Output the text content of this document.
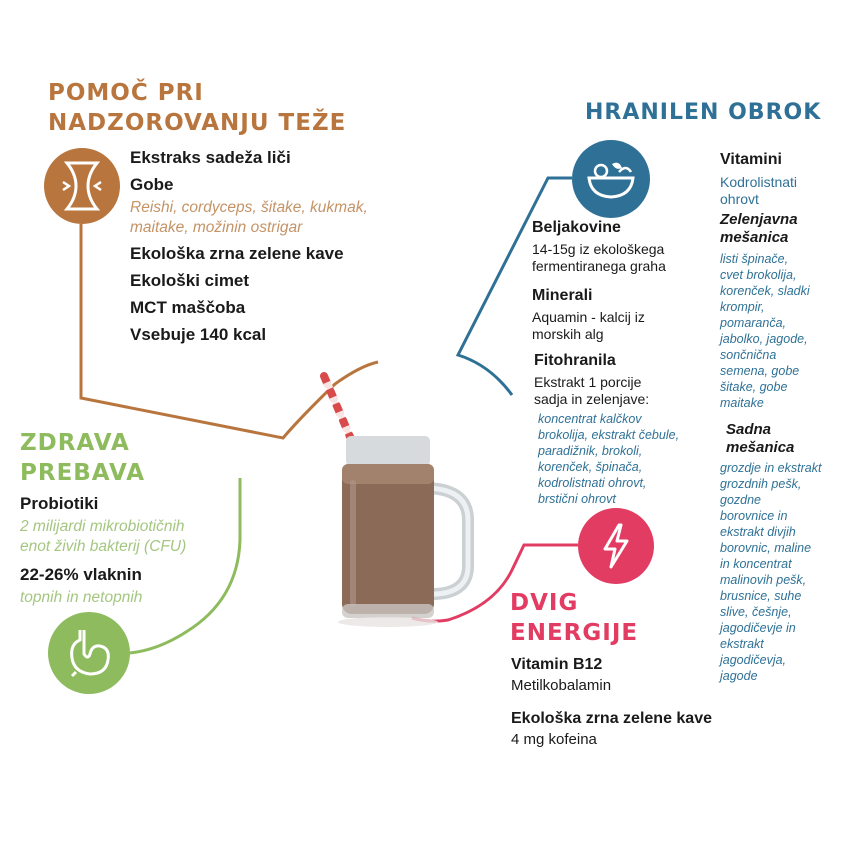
POMOČ PRI
NADZOROVANJU TEŽE

Ekstraks sadeža liči

Gobe

Reishi, cordyceps, šitake, kukmak,

maitake, možinin ostrigar

Ekološka zrna zelene kave

Ekološki cimet

MCT maščoba

Vsebuje 140 kcal

HRANILEN OBROK

Beljakovine

14-15g iz ekološkega

fermentiranega graha

Minerali

Aquamin - kalcij iz

morskih alg

Fitohranila

Ekstrakt 1 porcije

sadja in zelenjave:

koncentrat kalčkov

brokolija, ekstrakt čebule,

paradižnik, brokoli,

korenček, špinača,

kodrolistnati ohrovt,

brstični ohrovt

Vitamini

Kodrolistnati

ohrovt

Zelenjavna

mešanica

listi špinače,

cvet brokolija,

korenček, sladki

krompir,

pomaranča,

jabolko, jagode,

sončnična

semena, gobe

šitake, gobe

maitake

Sadna

mešanica

grozdje in ekstrakt

grozdnih pešk,

gozdne

borovnice in

ekstrakt divjih

borovnic, maline

in koncentrat

malinovih pešk,

brusnice, suhe

slive, češnje,

jagodičevje in

ekstrakt

jagodičevja,

jagode

ZDRAVA
PREBAVA

Probiotiki

2 milijardi mikrobiotičnih

enot živih bakterij (CFU)

22-26% vlaknin

topnih in netopnih	DVIG
ENERGIJE

Vitamin B12

Metilkobalamin

Ekološka zrna zelene kave

4 mg kofeina
